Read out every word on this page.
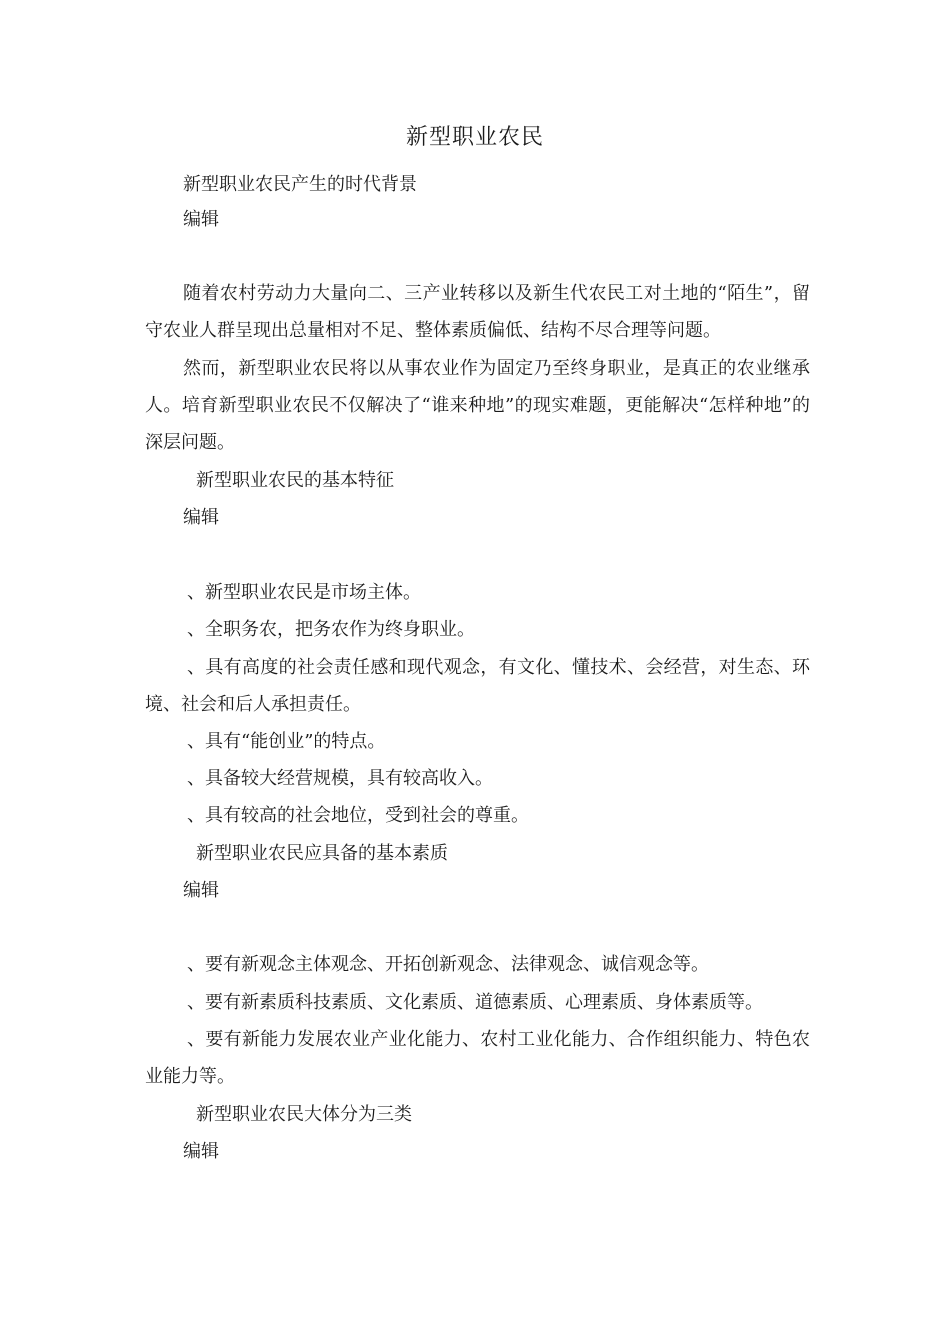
新型职业农民
新型职业农民产生的时代背景
编辑
随着农村劳动力大量向二、三产业转移以及新生代农民工对土地的“陌生”，留守农业人群呈现出总量相对不足、整体素质偏低、结构不尽合理等问题。
然而，新型职业农民将以从事农业作为固定乃至终身职业，是真正的农业继承人。培育新型职业农民不仅解决了“谁来种地”的现实难题，更能解决“怎样种地”的深层问题。
新型职业农民的基本特征
编辑
、新型职业农民是市场主体。
、全职务农，把务农作为终身职业。
、具有高度的社会责任感和现代观念，有文化、懂技术、会经营，对生态、环境、社会和后人承担责任。
、具有“能创业”的特点。
、具备较大经营规模，具有较高收入。
、具有较高的社会地位，受到社会的尊重。
新型职业农民应具备的基本素质
编辑
、要有新观念主体观念、开拓创新观念、法律观念、诚信观念等。
、要有新素质科技素质、文化素质、道德素质、心理素质、身体素质等。
、要有新能力发展农业产业化能力、农村工业化能力、合作组织能力、特色农业能力等。
新型职业农民大体分为三类
编辑
